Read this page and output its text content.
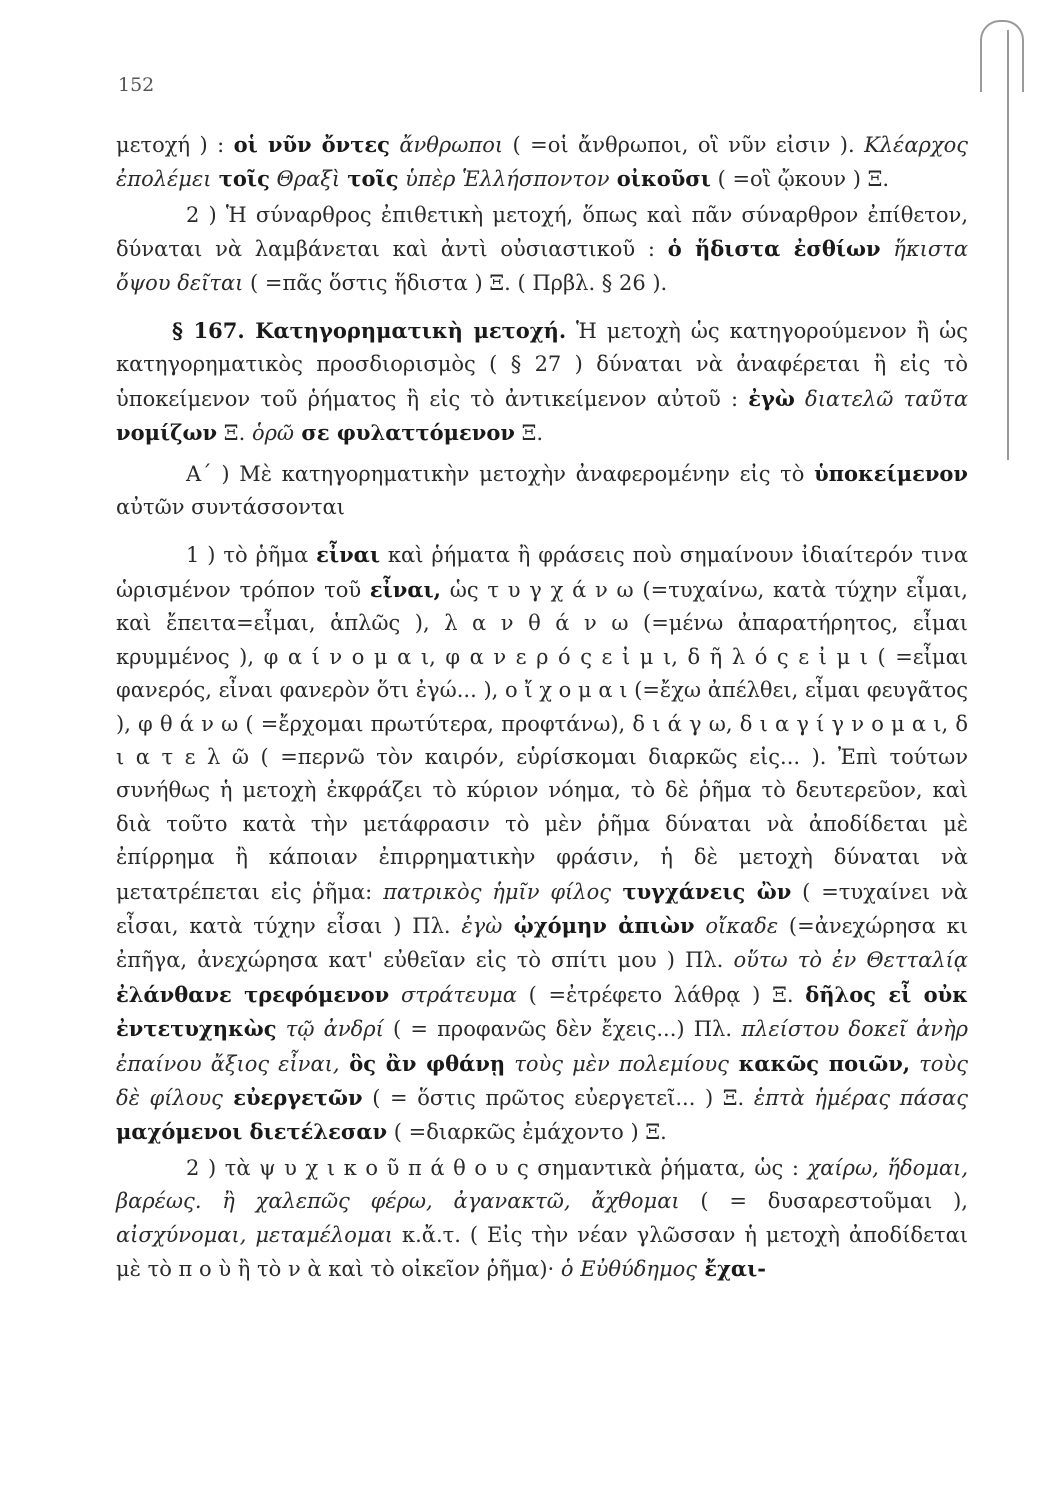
152

μετοχή ) : οἱ νῦν ὄντες ἄνθρωποι ( =οἱ ἄνθρωποι, οἳ νῦν εἰσιν ). Κλέαρχος ἐπολέμει τοῖς Θραξὶ τοῖς ὑπὲρ Ἑλλήσποντον οἰκοῦσι ( =οἳ ᾤκουν ) Ξ.

2 ) Ἡ σύναρθρος ἐπιθετικὴ μετοχή, ὅπως καὶ πᾶν σύναρθρον ἐπίθετον, δύναται νὰ λαμβάνεται καὶ ἀντὶ οὐσιαστικοῦ : ὁ ἥδιστα ἐσθίων ἥκιστα ὄψου δεῖται ( =πᾶς ὅστις ἥδιστα ) Ξ. ( Πρβλ. § 26 ).

§ 167. Κατηγορηματικὴ μετοχή. Ἡ μετοχὴ ὡς κατηγορούμενον ἢ ὡς κατηγορηματικὸς προσδιορισμὸς ( § 27 ) δύναται νὰ ἀναφέρεται ἢ εἰς τὸ ὑποκείμενον τοῦ ῥήματος ἢ εἰς τὸ ἀντικείμενον αὐτοῦ : ἐγὼ διατελῶ ταῦτα νομίζων Ξ. ὁρῶ σε φυλαττόμενον Ξ.

Α΄ ) Μὲ κατηγορηματικὴν μετοχὴν ἀναφερομένην εἰς τὸ ὑποκείμενον αὐτῶν συντάσσονται

1 ) τὸ ῥῆμα εἶναι καὶ ῥήματα ἢ φράσεις ποὺ σημαίνουν ἰδιαίτερόν τινα ὡρισμένον τρόπον τοῦ εἶναι, ὡς τ υ γ χ ά ν ω (=τυχαίνω, κατὰ τύχην εἶμαι, καὶ ἔπειτα=εἶμαι, ἁπλῶς ), λ α ν θ ά ν ω (=μένω ἀπαρατήρητος, εἶμαι κρυμμένος ), φ α ί ν ο μ α ι, φ α ν ε ρ ό ς ε ἰ μ ι, δ ῆ λ ό ς ε ἰ μ ι ( =εἶμαι φανερός, εἶναι φανερὸν ὅτι ἐγώ... ), ο ἴ χ ο μ α ι (=ἔχω ἀπέλθει, εἶμαι φευγᾶτος ), φ θ ά ν ω ( =ἔρχομαι πρωτύτερα, προφτάνω), δ ι ά γ ω, δ ι α γ ί γ ν ο μ α ι, δ ι α τ ε λ ῶ ( =περνῶ τὸν καιρόν, εὑρίσκομαι διαρκῶς εἰς... ). Ἐπὶ τούτων συνήθως ἡ μετοχὴ ἐκφράζει τὸ κύριον νόημα, τὸ δὲ ῥῆμα τὸ δευτερεῦον, καὶ διὰ τοῦτο κατὰ τὴν μετάφρασιν τὸ μὲν ῥῆμα δύναται νὰ ἀποδίδεται μὲ ἐπίρρημα ἢ κάποιαν ἐπιρρηματικὴν φράσιν, ἡ δὲ μετοχὴ δύναται νὰ μετατρέπεται εἰς ῥῆμα: πατρικὸς ἡμῖν φίλος τυγχάνεις ὢν ( =τυχαίνει νὰ εἶσαι, κατὰ τύχην εἶσαι ) Πλ. ἐγὼ ᾠχόμην ἀπιὼν οἴκαδε (=ἀνεχώρησα κι ἐπῆγα, ἀνεχώρησα κατ' εὐθεῖαν εἰς τὸ σπίτι μου ) Πλ. οὕτω τὸ ἐν Θετταλίᾳ ἐλάνθανε τρεφόμενον στράτευμα ( =ἐτρέφετο λάθρᾳ ) Ξ. δῆλος εἶ οὐκ ἐντετυχηκὼς τῷ ἀνδρί ( = προφανῶς δὲν ἔχεις...) Πλ. πλείστου δοκεῖ ἀνὴρ ἐπαίνου ἄξιος εἶναι, ὃς ἂν φθάνῃ τοὺς μὲν πολεμίους κακῶς ποιῶν, τοὺς δὲ φίλους εὐεργετῶν ( = ὅστις πρῶτος εὐεργετεῖ... ) Ξ. ἑπτὰ ἡμέρας πάσας μαχόμενοι διετέλεσαν ( =διαρκῶς ἐμάχοντο ) Ξ.

2 ) τὰ ψ υ χ ι κ ο ῦ π ά θ ο υ ς σημαντικὰ ῥήματα, ὡς : χαίρω, ἥδομαι, βαρέως. ἢ χαλεπῶς φέρω, ἀγανακτῶ, ἄχθομαι ( = δυσαρεστοῦμαι ), αἰσχύνομαι, μεταμέλομαι κ.ἄ.τ. ( Εἰς τὴν νέαν γλῶσσαν ἡ μετοχὴ ἀποδίδεται μὲ τὸ π ο ὺ ἢ τὸ ν ὰ καὶ τὸ οἰκεῖον ῥῆμα)· ὁ Εὐθύδημος ἔχαι-
